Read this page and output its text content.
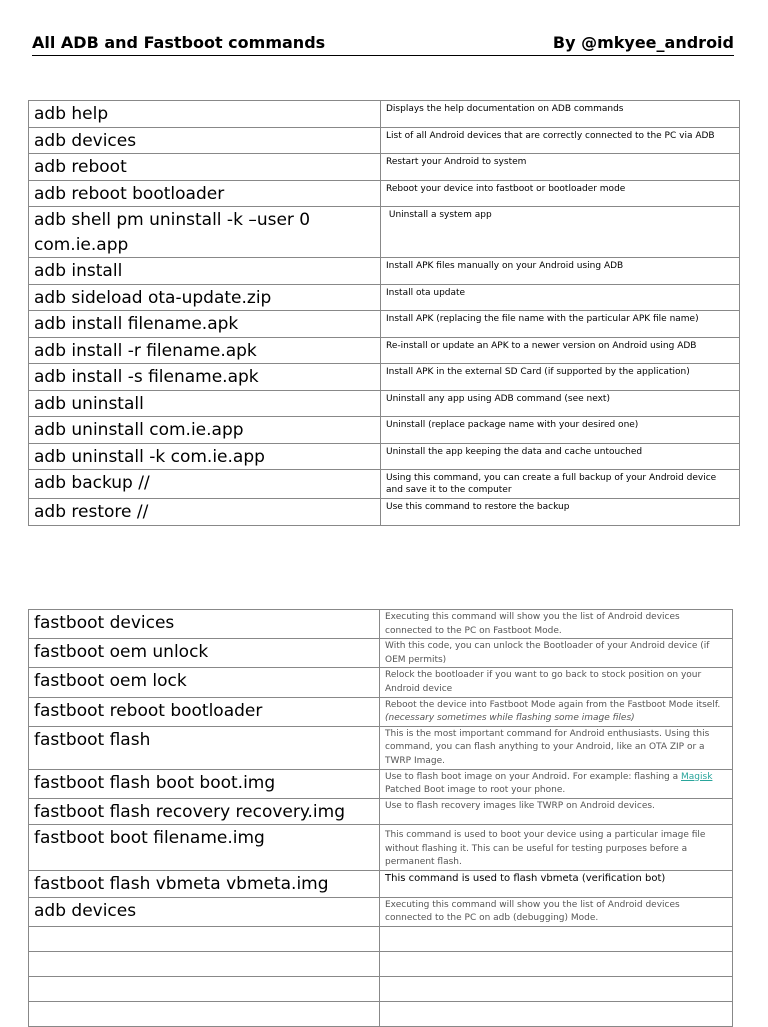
All ADB and Fastboot commands	By @mkyee_android
adb help	Displays the help documentation on ADB commands
adb devices	List of all Android devices that are correctly connected to the PC via ADB
adb reboot	Restart your Android to system
adb reboot bootloader	Reboot your device into fastboot or bootloader mode

adb shell pm uninstall -k –user 0
com.ie.app	Uninstall a system app
adb install	Install APK files manually on your Android using ADB
adb sideload ota-update.zip	Install ota update
adb install filename.apk	Install APK (replacing the file name with the particular APK file name)
adb install -r filename.apk	Re-install or update an APK to a newer version on Android using ADB
adb install -s filename.apk	Install APK in the external SD Card (if supported by the application)
adb uninstall	Uninstall any app using ADB command (see next)
adb uninstall com.ie.app	Uninstall (replace package name with your desired one)
adb uninstall -k com.ie.app	Uninstall the app keeping the data and cache untouched
adb backup //	Using this command, you can create a full backup of your Android device and save it to the computer
adb restore //	Use this command to restore the backup
fastboot devices	Executing this command will show you the list of Android devices connected to the PC on Fastboot Mode.
fastboot oem unlock	With this code, you can unlock the Bootloader of your Android device (if OEM permits)
fastboot oem lock	Relock the bootloader if you want to go back to stock position on your Android device
fastboot reboot bootloader	Reboot the device into Fastboot Mode again from the Fastboot Mode itself. (necessary sometimes while flashing some image files)
fastboot flash	This is the most important command for Android enthusiasts. Using this command, you can flash anything to your Android, like an OTA ZIP or a TWRP Image.
fastboot flash boot boot.img	Use to flash boot image on your Android. For example: flashing a Magisk Patched Boot image to root your phone.
fastboot flash recovery recovery.img	Use to flash recovery images like TWRP on Android devices.
fastboot boot filename.img	This command is used to boot your device using a particular image file without flashing it. This can be useful for testing purposes before a permanent flash.
fastboot flash vbmeta vbmeta.img	This command is used to flash vbmeta (verification bot)
adb devices	Executing this command will show you the list of Android devices connected to the PC on adb (debugging) Mode.
